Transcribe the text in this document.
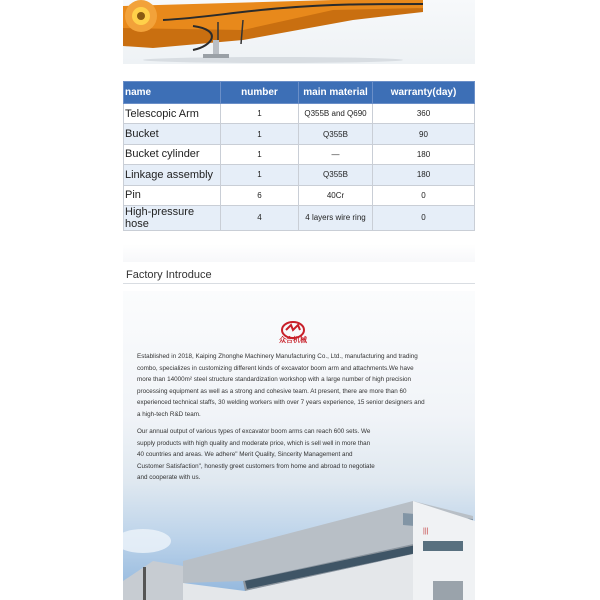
name	number	main material	warranty(day)
Telescopic Arm	1	Q355B and Q690	360
Bucket	1	Q355B	90
Bucket cylinder	1	—	180
Linkage assembly	1	Q355B	180
Pin	6	40Cr	0
High-pressure hose	4	4 layers wire ring	0
Factory Introduce
众合机械

Established in 2018, Kaiping Zhonghe Machinery Manufacturing Co., Ltd., manufacturing and trading combo, specializes in customizing different kinds of excavator boom arm and attachments.We have more than 14000m² steel structure standardization workshop with a large number of high precision processing equipment as well as a strong and cohesive team. At present, there are more than 60 experienced technical staffs, 30 welding workers with over 7 years experience, 15 senior designers and a high-tech R&D team.

Our annual output of various types of excavator boom arms can reach 600 sets. We supply products with high quality and moderate price, which is sell well in more than 40 countries and areas. We adhere" Merit Quality, Sincerity Management and Customer Satisfaction", honestly greet customers from home and abroad to negotiate and cooperate with us.

|||
